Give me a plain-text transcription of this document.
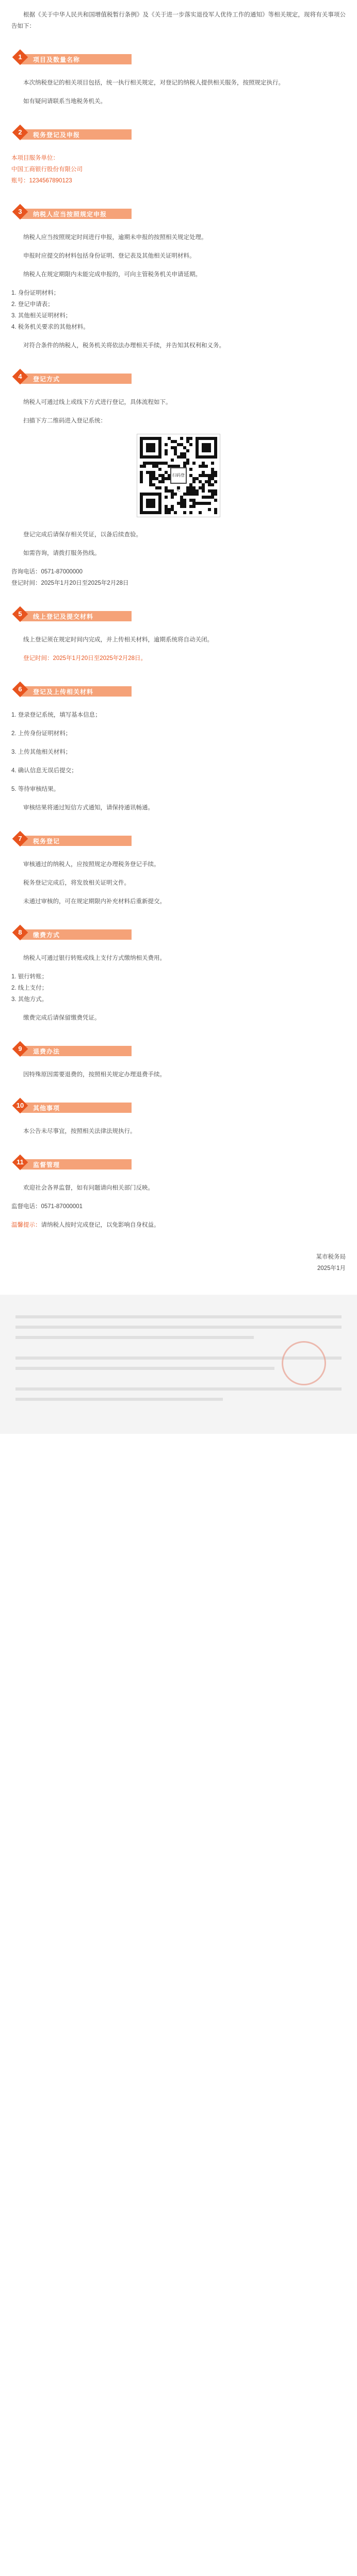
根据《关于中华人民共和国增值税暂行条例》及《关于进一步落实退役军人优待工作的通知》等相关规定，现将有关事项公告如下：

1	项目及数量名称

本次纳税登记的相关项目包括，统一执行相关规定，对登记的纳税人提供相关服务，按照规定执行。

如有疑问请联系当地税务机关。

2	税务登记及申报

本项目服务单位：

中国工商银行股份有限公司

账号：1234567890123

3	纳税人应当按照规定申报

纳税人应当按照规定时间进行申报，逾期未申报的按照相关规定处理。

申报时应提交的材料包括身份证明、登记表及其他相关证明材料。

纳税人在规定期限内未能完成申报的，可向主管税务机关申请延期。

1. 身份证明材料；

2. 登记申请表；

3. 其他相关证明材料；

4. 税务机关要求的其他材料。

对符合条件的纳税人，税务机关将依法办理相关手续，并告知其权利和义务。

4	登记方式

纳税人可通过线上或线下方式进行登记，具体流程如下。

扫描下方二维码进入登记系统：

扫码登记

登记完成后请保存相关凭证，以备后续查验。

如需咨询，请拨打服务热线。

咨询电话：0571-87000000

登记时间：2025年1月20日至2025年2月28日

5	线上登记及提交材料

线上登记须在规定时间内完成，并上传相关材料，逾期系统将自动关闭。

登记时间：2025年1月20日至2025年2月28日。

6	登记及上传相关材料

1. 登录登记系统，填写基本信息；

2. 上传身份证明材料；

3. 上传其他相关材料；

4. 确认信息无误后提交；

5. 等待审核结果。

审核结果将通过短信方式通知，请保持通讯畅通。

7	税务登记

审核通过的纳税人，应按照规定办理税务登记手续。

税务登记完成后，将发放相关证明文件。

未通过审核的，可在规定期限内补充材料后重新提交。

8	缴费方式

纳税人可通过银行转账或线上支付方式缴纳相关费用。

1. 银行转账；

2. 线上支付；

3. 其他方式。

缴费完成后请保留缴费凭证。

9	退费办法

因特殊原因需要退费的，按照相关规定办理退费手续。

10	其他事项

本公告未尽事宜，按照相关法律法规执行。

11	监督管理

欢迎社会各界监督，如有问题请向相关部门反映。

监督电话：0571-87000001

温馨提示：请纳税人按时完成登记，以免影响自身权益。

某市税务局
2025年1月
